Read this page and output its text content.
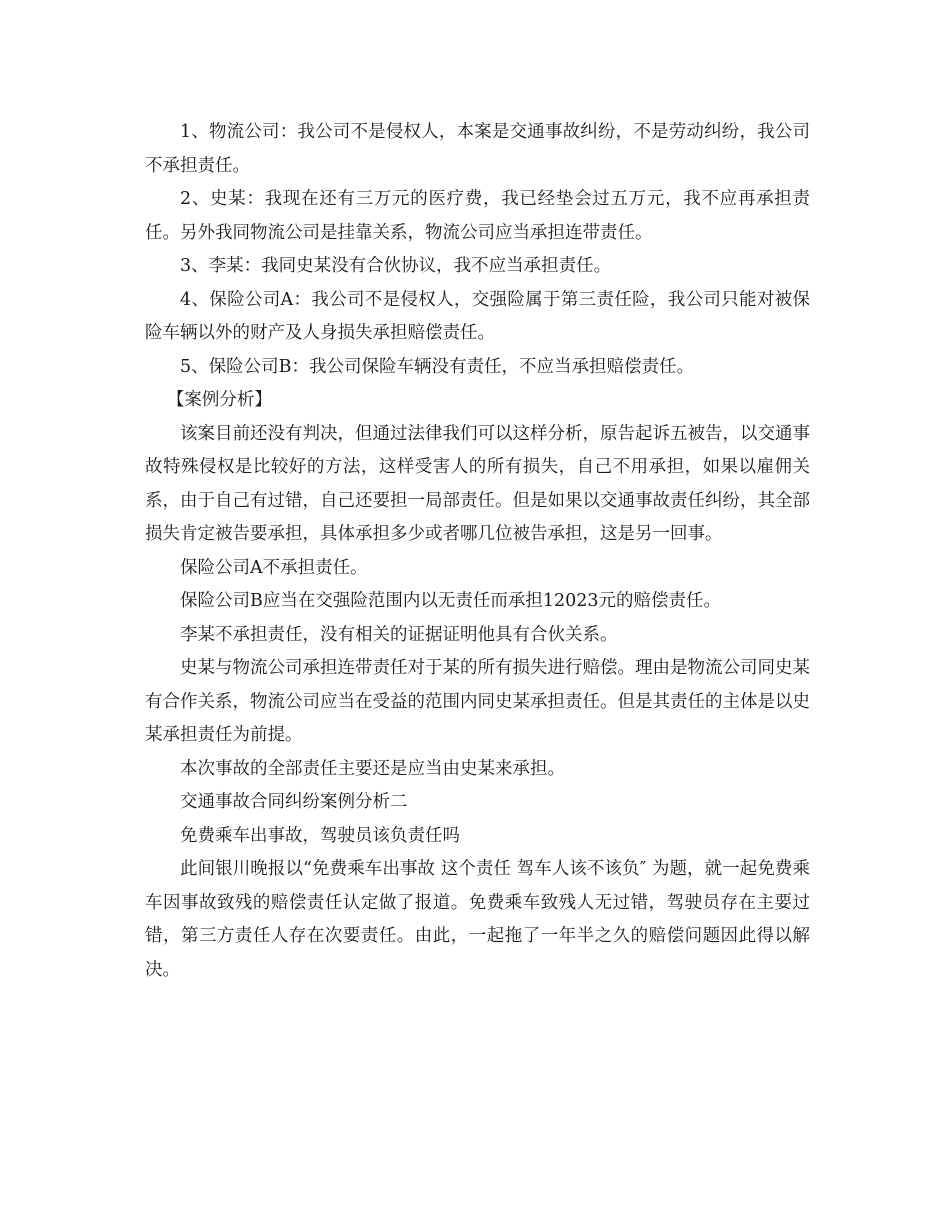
1、物流公司：我公司不是侵权人，本案是交通事故纠纷，不是劳动纠纷，我公司不承担责任。

2、史某：我现在还有三万元的医疗费，我已经垫会过五万元，我不应再承担责任。另外我同物流公司是挂靠关系，物流公司应当承担连带责任。

3、李某：我同史某没有合伙协议，我不应当承担责任。

4、保险公司A：我公司不是侵权人，交强险属于第三责任险，我公司只能对被保险车辆以外的财产及人身损失承担赔偿责任。

5、保险公司B：我公司保险车辆没有责任，不应当承担赔偿责任。

【案例分析】

该案目前还没有判决，但通过法律我们可以这样分析，原告起诉五被告，以交通事故特殊侵权是比较好的方法，这样受害人的所有损失，自己不用承担，如果以雇佣关系，由于自己有过错，自己还要担一局部责任。但是如果以交通事故责任纠纷，其全部损失肯定被告要承担，具体承担多少或者哪几位被告承担，这是另一回事。

保险公司A不承担责任。

保险公司B应当在交强险范围内以无责任而承担12023元的赔偿责任。

李某不承担责任，没有相关的证据证明他具有合伙关系。

史某与物流公司承担连带责任对于某的所有损失进行赔偿。理由是物流公司同史某有合作关系，物流公司应当在受益的范围内同史某承担责任。但是其责任的主体是以史某承担责任为前提。

本次事故的全部责任主要还是应当由史某来承担。

交通事故合同纠纷案例分析二

免费乘车出事故，驾驶员该负责任吗

此间银川晚报以“免费乘车出事故 这个责任 驾车人该不该负″ 为题，就一起免费乘车因事故致残的赔偿责任认定做了报道。免费乘车致残人无过错，驾驶员存在主要过错，第三方责任人存在次要责任。由此，一起拖了一年半之久的赔偿问题因此得以解决。
